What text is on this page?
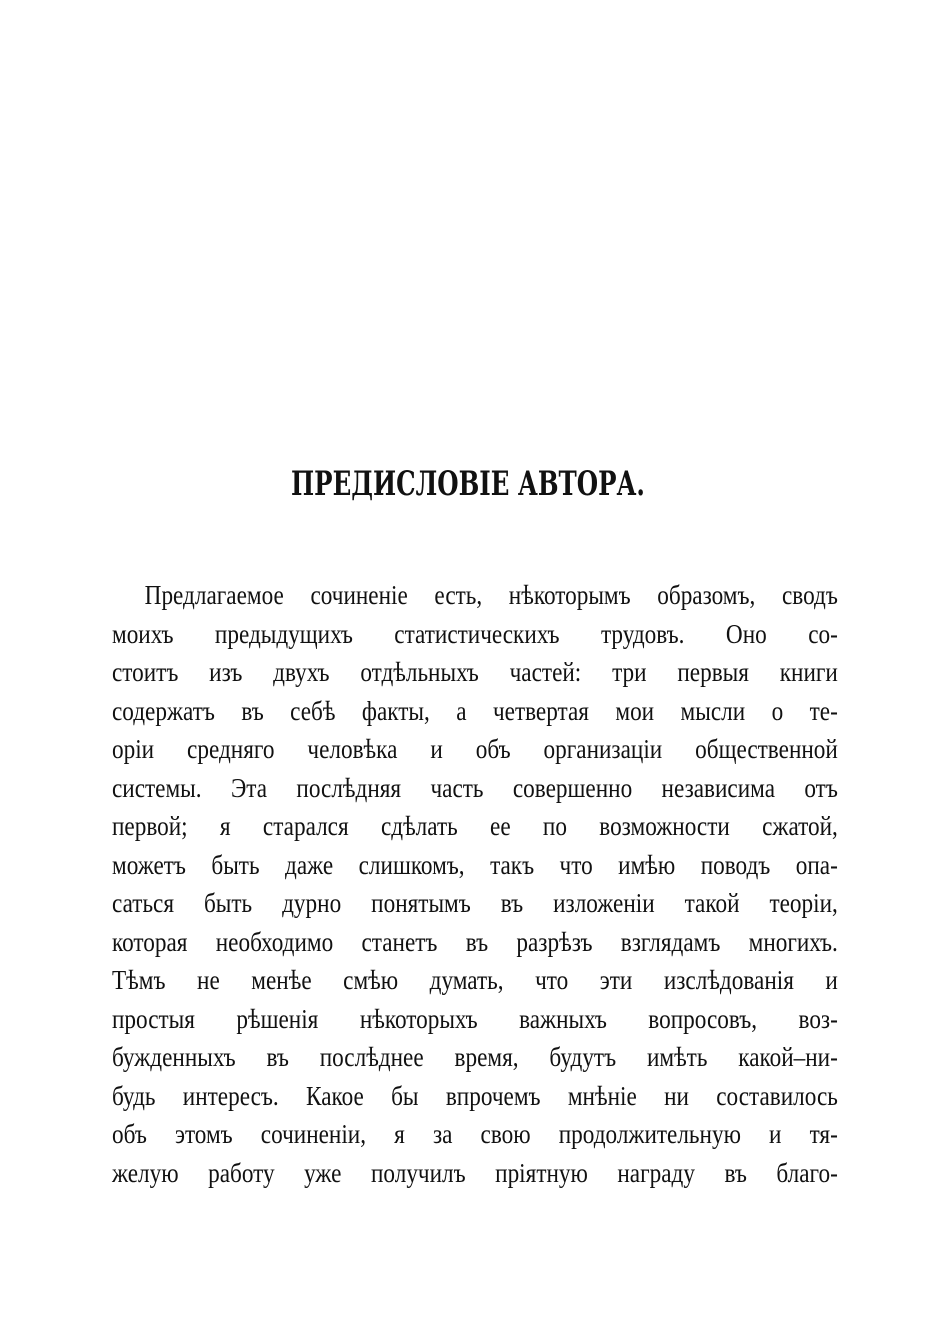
ПРЕДИСЛОВІЕ АВТОРА.
Предлагаемое сочиненіе есть, нѣкоторымъ образомъ, сводъ
моихъ предыдущихъ статистическихъ трудовъ. Оно со-
стоитъ изъ двухъ отдѣльныхъ частей: три первыя книги
содержатъ въ себѣ факты, а четвертая мои мысли о те-
оріи средняго человѣка и объ организаціи общественной
системы. Эта послѣдняя часть совершенно независима отъ
первой; я старался сдѣлать ее по возможности сжатой,
можетъ быть даже слишкомъ, такъ что имѣю поводъ опа-
саться быть дурно понятымъ въ изложеніи такой теоріи,
которая необходимо станетъ въ разрѣзъ взглядамъ многихъ.
Тѣмъ не менѣе смѣю думать, что эти изслѣдованія и
простыя рѣшенія нѣкоторыхъ важныхъ вопросовъ, воз-
бужденныхъ въ послѣднее время, будутъ имѣть какой–ни-
будь интересъ. Какое бы впрочемъ мнѣніе ни составилось
объ этомъ сочиненіи, я за свою продолжительную и тя-
желую работу уже получилъ пріятную награду въ благо-
